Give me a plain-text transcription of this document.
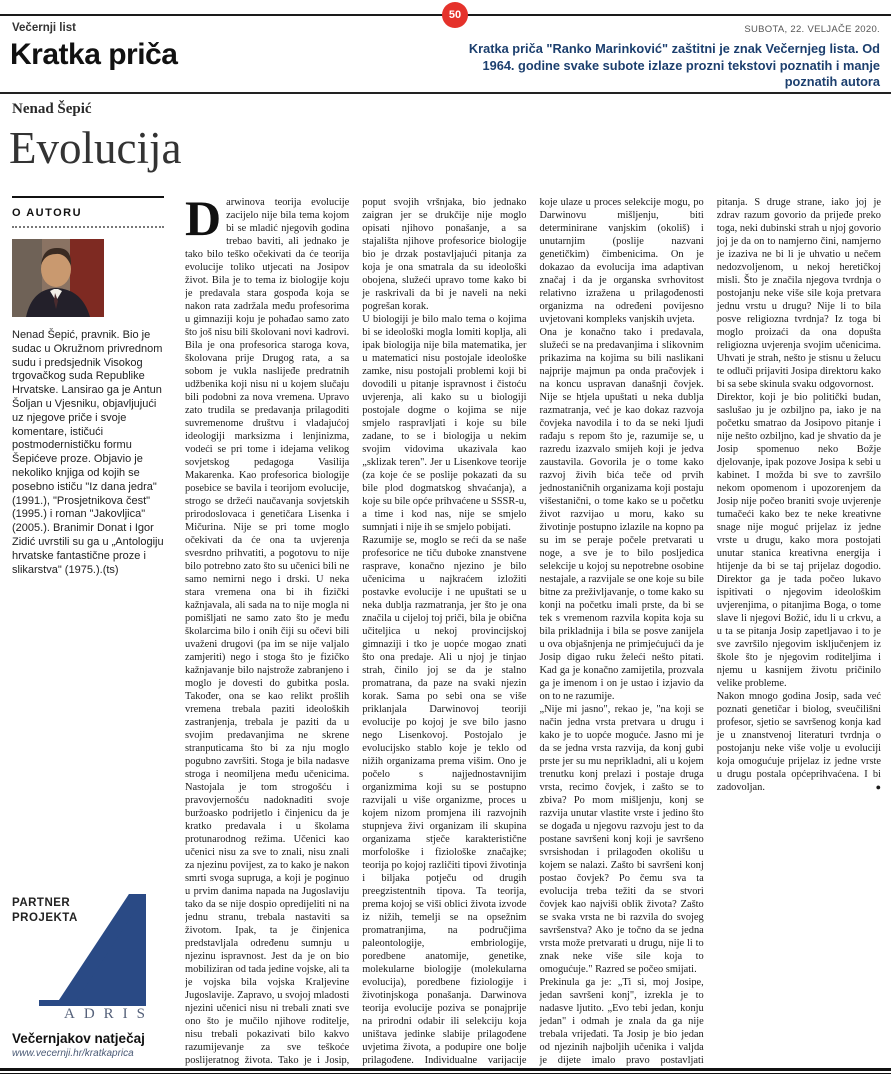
50
Večernji list	SUBOTA, 22. VELJAČE 2020.
Kratka priča	Kratka priča "Ranko Marinković" zaštitni je znak Večernjeg lista. Od 1964. godine svake subote izlaze prozni tekstovi poznatih i manje poznatih autora
Nenad Šepić
Evolucija
O AUTORU
Nenad Šepić, pravnik. Bio je sudac u Okružnom privrednom sudu i predsjednik Visokog trgovačkog suda Republike Hrvatske. Lansirao ga je Antun Šoljan u Vjesniku, objavljujući uz njegove priče i svoje komentare, ističući postmodernističku formu Šepićeve proze. Objavio je nekoliko knjiga od kojih se posebno ističu "Iz dana jedra" (1991.), "Prosjetnikova čest" (1995.) i roman "Jakovljica" (2005.). Branimir Donat i Igor Zidić uvrstili su ga u „Antologiju hrvatske fantastične proze i slikarstva" (1975.).(ts)
PARTNER
PROJEKTA
ADRIS
Večernjakov natječaj
www.vecernji.hr/kratkaprica

Darwinova teorija evolucije zacijelo nije bila tema kojom bi se mladić njegovih godina trebao baviti, ali jednako je tako bilo teško očekivati da će teorija evolucije toliko utjecati na Josipov život. Bila je to tema iz biologije koju je predavala stara gospođa koja se nakon rata zadržala među profesorima u gimnaziji koju je pohađao samo zato što još nisu bili školovani novi kadrovi. Bila je ona profesorica staroga kova, školovana prije Drugog rata, a sa sobom je vukla naslijeđe predratnih udžbenika koji nisu ni u kojem slučaju bili podobni za nova vremena. Upravo zato trudila se predavanja prilagoditi suvremenome društvu i vladajućoj ideologiji marksizma i lenjinizma, vodeći se pri tome i idejama velikog sovjetskog pedagoga Vasilija Makarenka. Kao profesorica biologije posebice se bavila i teorijom evolucije, strogo se držeći naučavanja sovjetskih prirodoslovaca i genetičara Lisenka i Mičurina. Nije se pri tome moglo očekivati da će ona ta uvjerenja svesrdno prihvatiti, a pogotovu to nije bilo potrebno zato što su učenici bili ne samo nemirni nego i drski. U neka stara vremena ona bi ih fizički kažnjavala, ali sada na to nije mogla ni pomišljati ne samo zato što je među školarcima bilo i onih čiji su očevi bili uvaženi drugovi (pa im se nije valjalo zamjeriti) nego i stoga što je fizičko kažnjavanje bilo najstrože zabranjeno i moglo je dovesti do gubitka posla. Također, ona se kao relikt prošlih vremena trebala paziti ideoloških zastranjenja, trebala je paziti da u svojim predavanjima ne skrene stranputicama što bi za nju moglo pogubno završiti. Stoga je bila nadasve stroga i neomiljena među učenicima. Nastojala je tom strogošću i pravovjernošću nadoknaditi svoje buržoasko podrijetlo i činjenicu da je kratko predavala i u školama protunarodnog režima. Učenici kao učenici nisu za sve to znali, nisu znali za njezinu povijest, za to kako je nakon smrti svoga supruga, a koji je poginuo u prvim danima napada na Jugoslaviju tako da se nije dospio opredijeliti ni na jednu stranu, trebala nastaviti sa životom. Ipak, ta je činjenica predstavljala određenu sumnju u njezinu ispravnost. Jest da je on bio mobiliziran od tada jedine vojske, ali ta je vojska bila vojska Kraljevine Jugoslavije. Zapravo, u svojoj mladosti njezini učenici nisu ni trebali znati sve ono što je mučilo njihove roditelje, nisu trebali pokazivati bilo kakvo razumijevanje za sve teškoće poslijeratnog života. Tako je i Josip, poput svojih vršnjaka, bio jednako zaigran jer se drukčije nije moglo opisati njihovo ponašanje, a sa stajališta njihove profesorice biologije bio je drzak postavljajući pitanja za koja je ona smatrala da su ideološki obojena, služeći upravo tome kako bi je raskrivali da bi je naveli na neki pogrešan korak.

U biologiji je bilo malo tema o kojima bi se ideološki mogla lomiti koplja, ali ipak biologija nije bila matematika, jer u matematici nisu postojale ideološke zamke, nisu postojali problemi koji bi dovodili u pitanje ispravnost i čistoću uvjerenja, ali kako su u biologiji postojale dogme o kojima se nije smjelo raspravljati i koje su bile zadane, to se i biologija u nekim svojim vidovima ukazivala kao „sklizak teren". Jer u Lisenkove teorije (za koje će se poslije pokazati da su bile plod dogmatskog shvaćanja), a koje su bile opće prihvaćene u SSSR-u, a time i kod nas, nije se smjelo sumnjati i nije ih se smjelo pobijati.

Razumije se, moglo se reći da se naše profesorice ne tiču duboke znanstvene rasprave, konačno njezino je bilo učenicima u najkraćem izložiti postavke evolucije i ne upuštati se u neka dublja razmatranja, jer što je ona značila u cijeloj toj priči, bila je obična učiteljica u nekoj provincijskoj gimnaziji i tko je uopće mogao znati što ona predaje. Ali u njoj je tinjao strah, činilo joj se da je stalno promatrana, da paze na svaki njezin korak. Sama po sebi ona se više priklanjala Darwinovoj teoriji evolucije po kojoj je sve bilo jasno nego Lisenkovoj. Postojalo je evolucijsko stablo koje je teklo od nižih organizama prema višim. Ono je počelo s najjednostavnijim organizmima koji su se postupno razvijali u više organizme, proces u kojem nizom promjena ili razvojnih stupnjeva živi organizam ili skupina organizama stječe karakteristične morfološke i fiziološke značajke; teorija po kojoj različiti tipovi životinja i biljaka potječu od drugih preegzistentnih tipova. Ta teorija, prema kojoj se viši oblici života izvode iz nižih, temelji se na opsežnim promatranjima, na područjima paleontologije, embriologije, poredbene anatomije, genetike, molekularne biologije (molekularna evolucija), poredbene fiziologije i životinjskoga ponašanja. Darwinova teorija evolucije poziva se ponajprije na prirodni odabir ili selekciju koja uništava jedinke slabije prilagođene uvjetima života, a podupire one bolje prilagođene. Individualne varijacije koje ulaze u proces selekcije mogu, po Darwinovu mišljenju, biti determinirane vanjskim (okoliš) i unutarnjim (poslije nazvani genetičkim) čimbenicima. On je dokazao da evolucija ima adaptivan značaj i da je organska svrhovitost relativno izražena u prilagođenosti organizma na određeni povijesno uvjetovani kompleks vanjskih uvjeta.

Ona je konačno tako i predavala, služeći se na predavanjima i slikovnim prikazima na kojima su bili naslikani najprije majmun pa onda pračovjek i na koncu uspravan današnji čovjek. Nije se htjela upuštati u neka dublja razmatranja, već je kao dokaz razvoja čovjeka navodila i to da se neki ljudi rađaju s repom što je, razumije se, u razredu izazvalo smijeh koji je jedva zaustavila. Govorila je o tome kako razvoj živih bića teče od prvih jednostaničnih organizama koji postaju višestanični, o tome kako se u početku život razvijao u moru, kako su životinje postupno izlazile na kopno pa su im se peraje počele pretvarati u noge, a sve je to bilo posljedica selekcije u kojoj su nepotrebne osobine nestajale, a razvijale se one koje su bile bitne za preživljavanje, o tome kako su konji na početku imali prste, da bi se tek s vremenom razvila kopita koja su bila prikladnija i bila se posve zanijela u ova objašnjenja ne primjećujući da je Josip digao ruku želeći nešto pitati. Kad ga je konačno zamijetila, prozvala ga je imenom i on je ustao i izjavio da on to ne razumije.

„Nije mi jasno", rekao je, "na koji se način jedna vrsta pretvara u drugu i kako je to uopće moguće. Jasno mi je da se jedna vrsta razvija, da konj gubi prste jer su mu neprikladni, ali u kojem trenutku konj prelazi i postaje druga vrsta, recimo čovjek, i zašto se to zbiva? Po mom mišljenju, konj se razvija unutar vlastite vrste i jedino što se događa u njegovu razvoju jest to da postane savršeni konj koji je savršeno svrsishodan i prilagođen okolišu u kojem se nalazi. Zašto bi savršeni konj postao čovjek? Po čemu sva ta evolucija treba težiti da se stvori čovjek kao najviši oblik života? Zašto se svaka vrsta ne bi razvila do svojeg savršenstva? Ako je točno da se jedna vrsta može pretvarati u drugu, nije li to znak neke više sile koja to omogućuje." Razred se počeo smijati.

Prekinula ga je: „Ti si, moj Josipe, jedan savršeni konj", izrekla je to nadasve ljutito. „Evo tebi jedan, konju jedan" i odmah je znala da ga nije trebala vrijeđati. Ta Josip je bio jedan od njezinih najboljih učenika i valjda je dijete imalo pravo postavljati pitanja. S druge strane, iako joj je zdrav razum govorio da prijeđe preko toga, neki dubinski strah u njoj govorio joj je da on to namjerno čini, namjerno je izaziva ne bi li je uhvatio u nečem nedozvoljenom, u nekoj heretičkoj misli. Što je značila njegova tvrdnja o postojanju neke više sile koja pretvara jednu vrstu u drugu? Nije li to bila posve religiozna tvrdnja? Iz toga bi moglo proizaći da ona dopušta religiozna uvjerenja svojim učenicima. Uhvati je strah, nešto je stisnu u želucu te odluči prijaviti Josipa direktoru kako bi sa sebe skinula svaku odgovornost.

Direktor, koji je bio politički budan, saslušao ju je ozbiljno pa, iako je na početku smatrao da Josipovo pitanje i nije nešto ozbiljno, kad je shvatio da je Josip spomenuo neko Božje djelovanje, ipak pozove Josipa k sebi u kabinet. I možda bi sve to završilo nekom opomenom i upozorenjem da Josip nije počeo braniti svoje uvjerenje tumačeći kako bez te neke kreativne snage nije moguć prijelaz iz jedne vrste u drugu, kako mora postojati unutar stanica kreativna energija i htijenje da bi se taj prijelaz dogodio. Direktor ga je tada počeo lukavo ispitivati o njegovim ideološkim uvjerenjima, o pitanjima Boga, o tome slave li njegovi Božić, idu li u crkvu, a u ta se pitanja Josip zapetljavao i to je sve završilo njegovim isključenjem iz škole što je njegovim roditeljima i njemu u kasnijem životu pričinilo velike probleme.

Nakon mnogo godina Josip, sada već poznati genetičar i biolog, sveučilišni profesor, sjetio se savršenog konja kad je u znanstvenoj literaturi tvrdnja o postojanju neke više volje u evoluciji koja omogućuje prijelaz iz jedne vrste u drugu postala općeprihvaćena. I bi zadovoljan.	●
